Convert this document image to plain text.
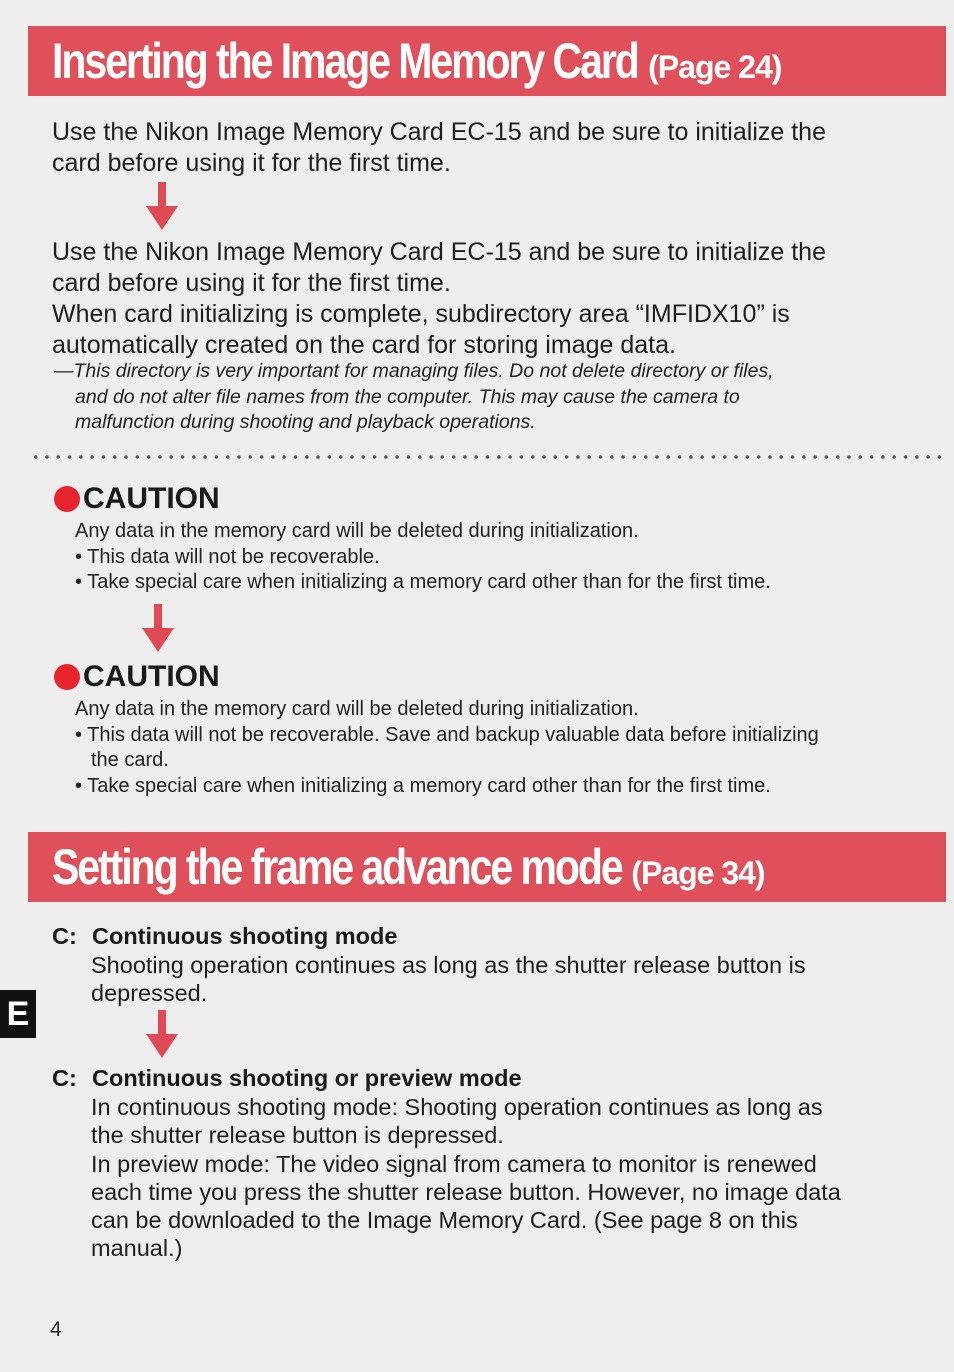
Inserting the Image Memory Card (Page 24)

Use the Nikon Image Memory Card EC-15 and be sure to initialize the
card before using it for the first time.

Use the Nikon Image Memory Card EC-15 and be sure to initialize the
card before using it for the first time.
When card initializing is complete, subdirectory area “IMFIDX10” is
automatically created on the card for storing image data.

—This directory is very important for managing files. Do not delete directory or files,
and do not alter file names from the computer. This may cause the camera to
malfunction during shooting and playback operations.

CAUTION

Any data in the memory card will be deleted during initialization.
• This data will not be recoverable.
• Take special care when initializing a memory card other than for the first time.

CAUTION

Any data in the memory card will be deleted during initialization.
• This data will not be recoverable. Save and backup valuable data before initializing
the card.
• Take special care when initializing a memory card other than for the first time.

Setting the frame advance mode (Page 34)
C: Continuous shooting mode

Shooting operation continues as long as the shutter release button is
depressed.

C: Continuous shooting or preview mode

In continuous shooting mode: Shooting operation continues as long as
the shutter release button is depressed.
In preview mode: The video signal from camera to monitor is renewed
each time you press the shutter release button. However, no image data
can be downloaded to the Image Memory Card. (See page 8 on this
manual.)

E
4
